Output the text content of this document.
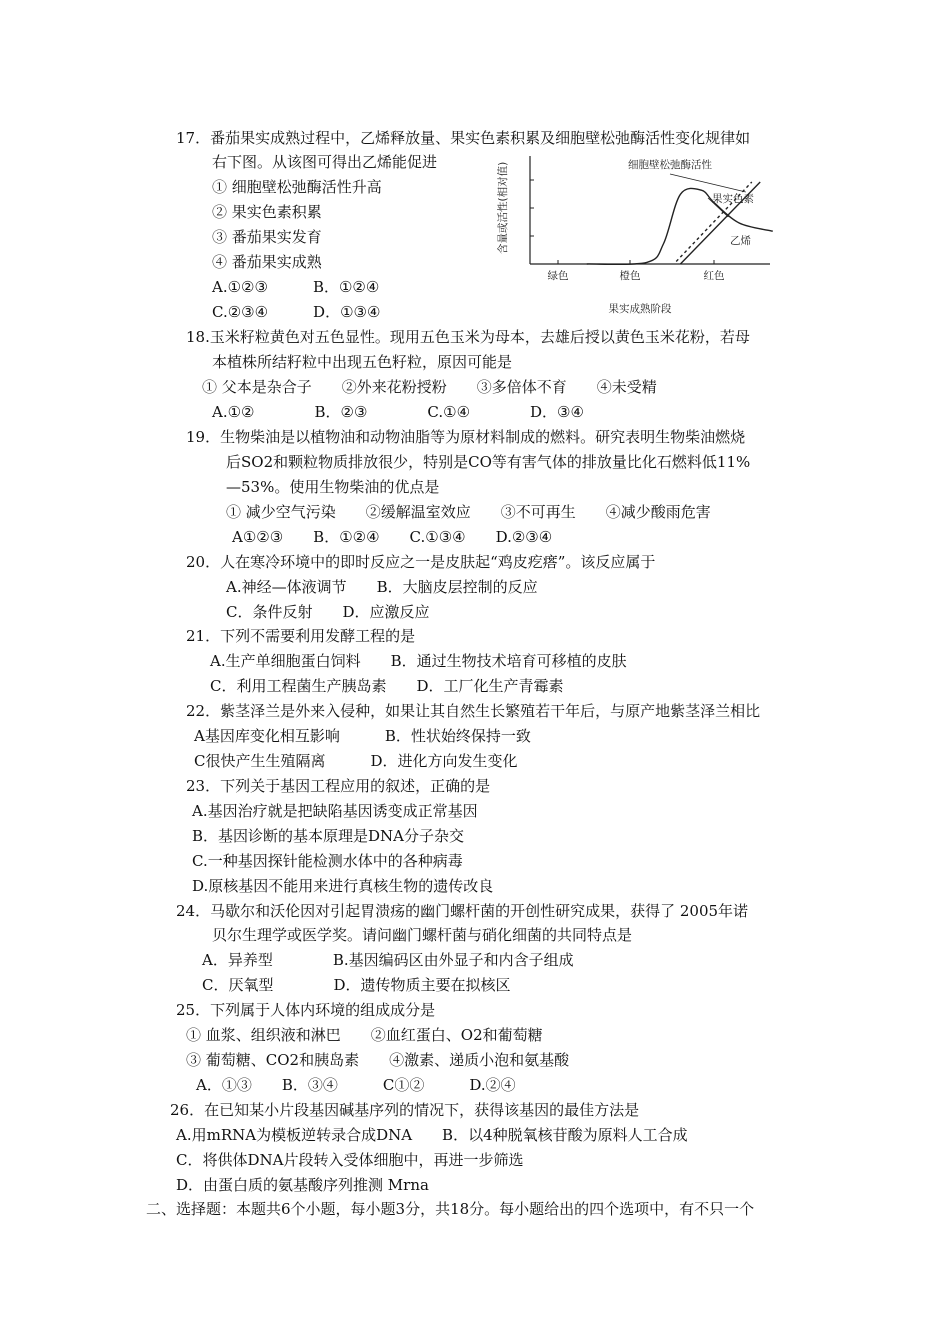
17．番茄果实成熟过程中，乙烯释放量、果实色素积累及细胞壁松弛酶活性变化规律如
右下图。从该图可得出乙烯能促进
① 细胞壁松弛酶活性升高
② 果实色素积累
③ 番茄果实发育
④ 番茄果实成熟
A.①②③　　　B．①②④
C.②③④　　　D．①③④
绿色	橙色	红色
细胞壁松弛酶活性
果实色素
乙烯
含量或活性(相对值)
果实成熟阶段
18.玉米籽粒黄色对五色显性。现用五色玉米为母本，去雄后授以黄色玉米花粉，若母
本植株所结籽粒中出现五色籽粒，原因可能是
① 父本是杂合子　　②外来花粉授粉　　③多倍体不育　　④未受精
A.①②　　　　B．②③　　　　C.①④　　　　D．③④
19．生物柴油是以植物油和动物油脂等为原材料制成的燃料。研究表明生物柴油燃烧
后SO2和颗粒物质排放很少，特别是CO等有害气体的排放量比化石燃料低11%
—53%。使用生物柴油的优点是
① 减少空气污染　　②缓解温室效应　　③不可再生　　④减少酸雨危害
A①②③　　B．①②④　　C.①③④　　D.②③④
20．人在寒冷环境中的即时反应之一是皮肤起“鸡皮疙瘩”。该反应属于
A.神经—体液调节　　B．大脑皮层控制的反应
C．条件反射　　D．应激反应
21．下列不需要利用发酵工程的是
A.生产单细胞蛋白饲料　　B．通过生物技术培育可移植的皮肤
C．利用工程菌生产胰岛素　　D．工厂化生产青霉素
22．紫茎泽兰是外来入侵种，如果让其自然生长繁殖若干年后，与原产地紫茎泽兰相比
A基因库变化相互影响　　　B．性状始终保持一致
C很快产生生殖隔离　　　D．进化方向发生变化
23．下列关于基因工程应用的叙述，正确的是
A.基因治疗就是把缺陷基因诱变成正常基因
B．基因诊断的基本原理是DNA分子杂交
C.一种基因探针能检测水体中的各种病毒
D.原核基因不能用来进行真核生物的遗传改良
24．马歇尔和沃伦因对引起胃溃疡的幽门螺杆菌的开创性研究成果，获得了 2005年诺
贝尔生理学或医学奖。请问幽门螺杆菌与硝化细菌的共同特点是
A．异养型　　　　B.基因编码区由外显子和内含子组成
C．厌氧型　　　　D．遗传物质主要在拟核区
25．下列属于人体内环境的组成成分是
① 血浆、组织液和淋巴　　②血红蛋白、O2和葡萄糖
③ 葡萄糖、CO2和胰岛素　　④激素、递质小泡和氨基酸
A．①③　　B．③④　　　C①②　　　D.②④
26．在已知某小片段基因碱基序列的情况下，获得该基因的最佳方法是
A.用mRNA为模板逆转录合成DNA　　B．以4种脱氧核苷酸为原料人工合成
C．将供体DNA片段转入受体细胞中，再进一步筛选
D．由蛋白质的氨基酸序列推测 Mrna
二、选择题：本题共6个小题，每小题3分，共18分。每小题给出的四个选项中，有不只一个
